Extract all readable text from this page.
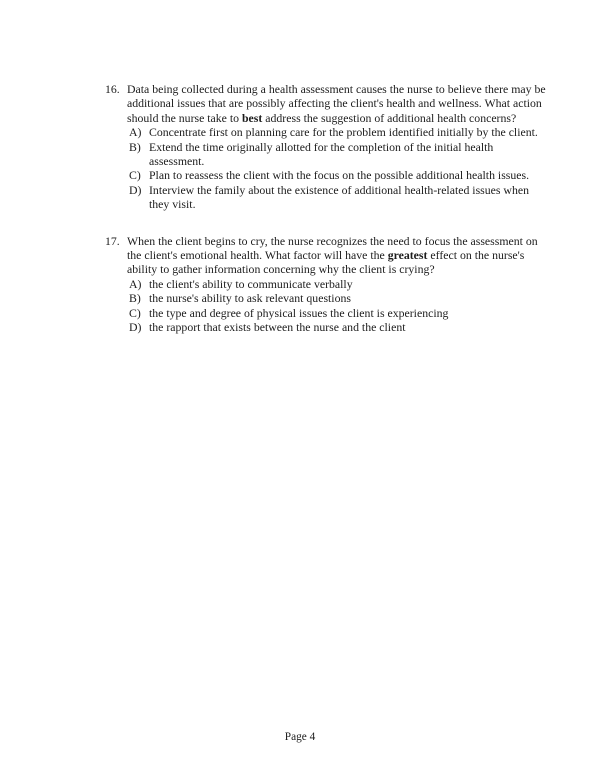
16. Data being collected during a health assessment causes the nurse to believe there may be additional issues that are possibly affecting the client's health and wellness. What action should the nurse take to best address the suggestion of additional health concerns?

A) Concentrate first on planning care for the problem identified initially by the client.
B) Extend the time originally allotted for the completion of the initial health assessment.
C) Plan to reassess the client with the focus on the possible additional health issues.
D) Interview the family about the existence of additional health-related issues when they visit.
17. When the client begins to cry, the nurse recognizes the need to focus the assessment on the client's emotional health. What factor will have the greatest effect on the nurse's ability to gather information concerning why the client is crying?

A) the client's ability to communicate verbally
B) the nurse's ability to ask relevant questions
C) the type and degree of physical issues the client is experiencing
D) the rapport that exists between the nurse and the client
Page 4
